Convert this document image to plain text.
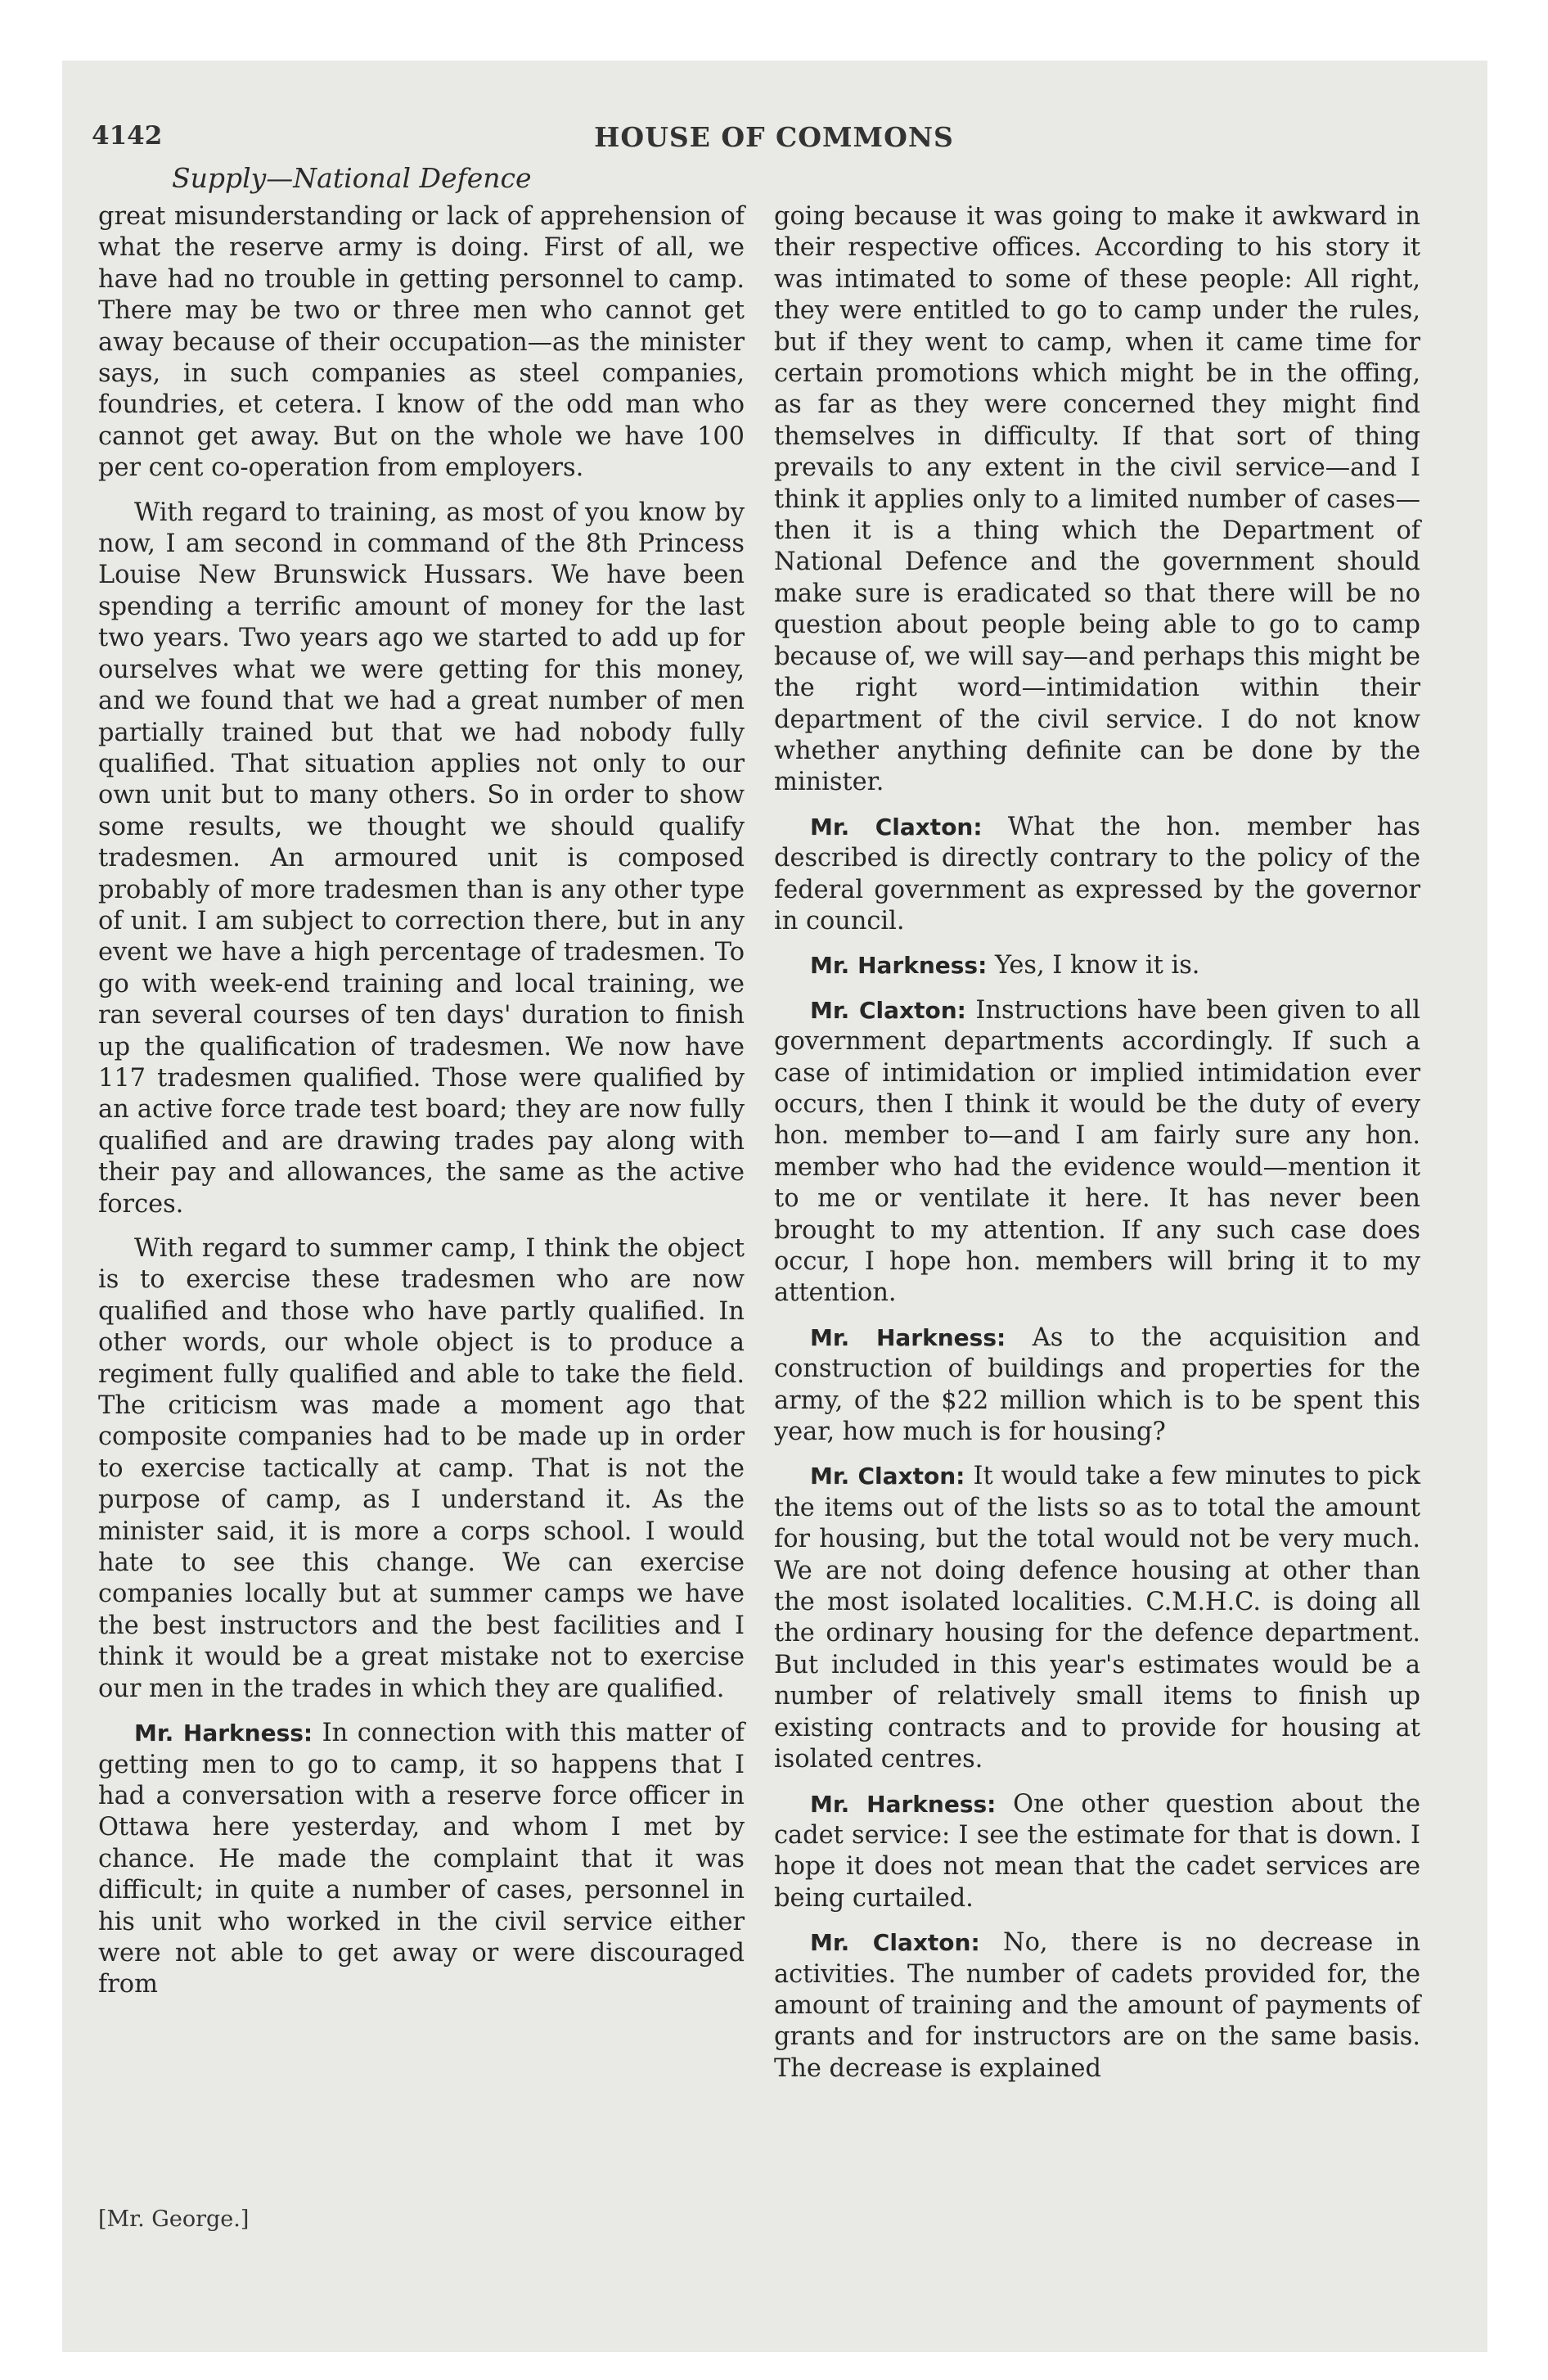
4142	HOUSE OF COMMONS
Supply—National Defence

great misunderstanding or lack of apprehension of what the reserve army is doing. First of all, we have had no trouble in getting personnel to camp. There may be two or three men who cannot get away because of their occupation—as the minister says, in such companies as steel companies, foundries, et cetera. I know of the odd man who cannot get away. But on the whole we have 100 per cent co-operation from employers.

With regard to training, as most of you know by now, I am second in command of the 8th Princess Louise New Brunswick Hussars. We have been spending a terrific amount of money for the last two years. Two years ago we started to add up for ourselves what we were getting for this money, and we found that we had a great number of men partially trained but that we had nobody fully qualified. That situation applies not only to our own unit but to many others. So in order to show some results, we thought we should qualify tradesmen. An armoured unit is composed probably of more tradesmen than is any other type of unit. I am subject to correction there, but in any event we have a high percentage of tradesmen. To go with week-end training and local training, we ran several courses of ten days' duration to finish up the qualification of tradesmen. We now have 117 tradesmen qualified. Those were qualified by an active force trade test board; they are now fully qualified and are drawing trades pay along with their pay and allowances, the same as the active forces.

With regard to summer camp, I think the object is to exercise these tradesmen who are now qualified and those who have partly qualified. In other words, our whole object is to produce a regiment fully qualified and able to take the field. The criticism was made a moment ago that composite companies had to be made up in order to exercise tactically at camp. That is not the purpose of camp, as I understand it. As the minister said, it is more a corps school. I would hate to see this change. We can exercise companies locally but at summer camps we have the best instructors and the best facilities and I think it would be a great mistake not to exercise our men in the trades in which they are qualified.

Mr. Harkness: In connection with this matter of getting men to go to camp, it so happens that I had a conversation with a reserve force officer in Ottawa here yesterday, and whom I met by chance. He made the complaint that it was difficult; in quite a number of cases, personnel in his unit who worked in the civil service either were not able to get away or were discouraged from

going because it was going to make it awkward in their respective offices. According to his story it was intimated to some of these people: All right, they were entitled to go to camp under the rules, but if they went to camp, when it came time for certain promotions which might be in the offing, as far as they were concerned they might find themselves in difficulty. If that sort of thing prevails to any extent in the civil service—and I think it applies only to a limited number of cases—then it is a thing which the Department of National Defence and the government should make sure is eradicated so that there will be no question about people being able to go to camp because of, we will say—and perhaps this might be the right word—intimidation within their department of the civil service. I do not know whether anything definite can be done by the minister.

Mr. Claxton: What the hon. member has described is directly contrary to the policy of the federal government as expressed by the governor in council.

Mr. Harkness: Yes, I know it is.

Mr. Claxton: Instructions have been given to all government departments accordingly. If such a case of intimidation or implied intimidation ever occurs, then I think it would be the duty of every hon. member to—and I am fairly sure any hon. member who had the evidence would—mention it to me or ventilate it here. It has never been brought to my attention. If any such case does occur, I hope hon. members will bring it to my attention.

Mr. Harkness: As to the acquisition and construction of buildings and properties for the army, of the $22 million which is to be spent this year, how much is for housing?

Mr. Claxton: It would take a few minutes to pick the items out of the lists so as to total the amount for housing, but the total would not be very much. We are not doing defence housing at other than the most isolated localities. C.M.H.C. is doing all the ordinary housing for the defence department. But included in this year's estimates would be a number of relatively small items to finish up existing contracts and to provide for housing at isolated centres.

Mr. Harkness: One other question about the cadet service: I see the estimate for that is down. I hope it does not mean that the cadet services are being curtailed.

Mr. Claxton: No, there is no decrease in activities. The number of cadets provided for, the amount of training and the amount of payments of grants and for instructors are on the same basis. The decrease is explained

[Mr. George.]
